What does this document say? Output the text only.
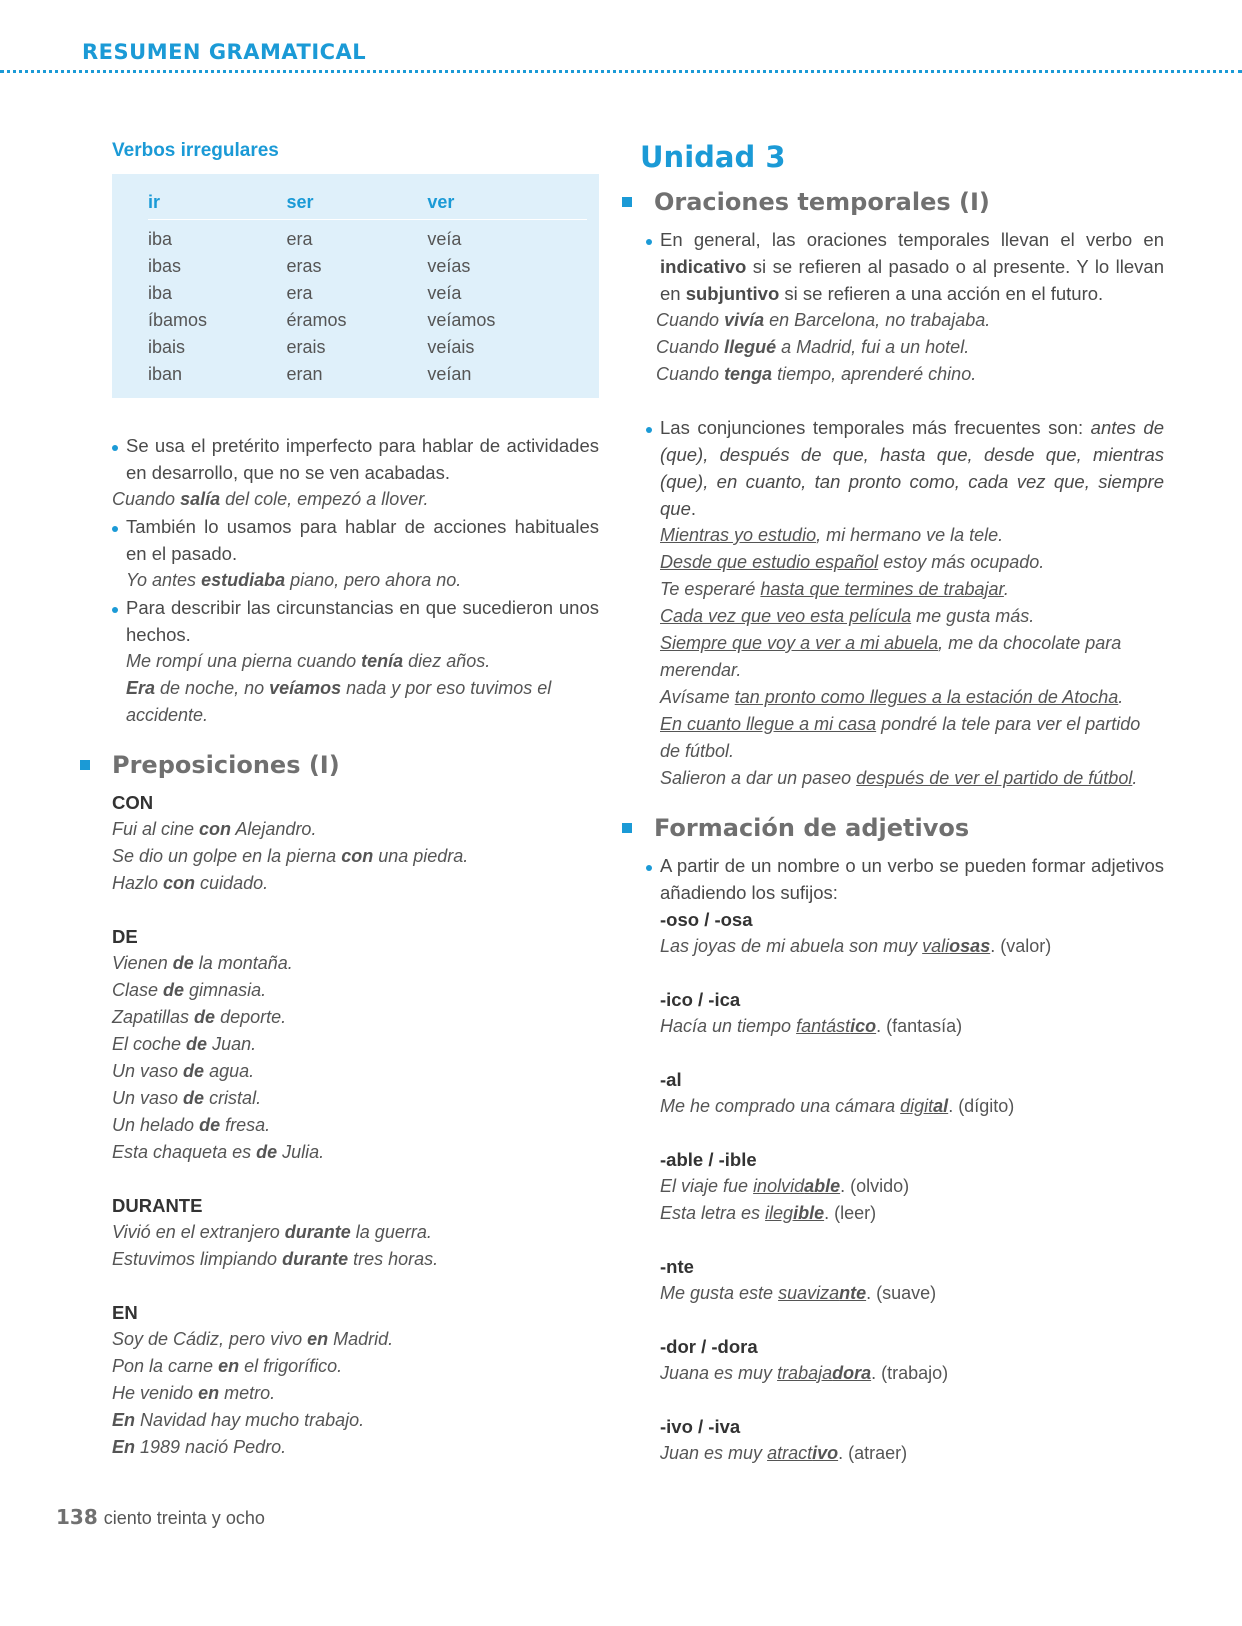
RESUMEN GRAMATICAL
Verbos irregulares
ir	ser	ver

iba	era	veía
ibas	eras	veías
iba	era	veía
íbamos	éramos	veíamos
ibais	erais	veíais
iban	eran	veían
Se usa el pretérito imperfecto para hablar de actividades en desarrollo, que no se ven acabadas.
Cuando salía del cole, empezó a llover.
También lo usamos para hablar de acciones habituales en el pasado.
Yo antes estudiaba piano, pero ahora no.
Para describir las circunstancias en que sucedieron unos hechos.
Me rompí una pierna cuando tenía diez años.
Era de noche, no veíamos nada y por eso tuvimos el accidente.
Preposiciones (I)
CON
Fui al cine con Alejandro.
Se dio un golpe en la pierna con una piedra.
Hazlo con cuidado.
DE
Vienen de la montaña.
Clase de gimnasia.
Zapatillas de deporte.
El coche de Juan.
Un vaso de agua.
Un vaso de cristal.
Un helado de fresa.
Esta chaqueta es de Julia.
DURANTE
Vivió en el extranjero durante la guerra.
Estuvimos limpiando durante tres horas.
EN
Soy de Cádiz, pero vivo en Madrid.
Pon la carne en el frigorífico.
He venido en metro.
En Navidad hay mucho trabajo.
En 1989 nació Pedro.
Unidad 3
Oraciones temporales (I)
En general, las oraciones temporales llevan el verbo en indicativo si se refieren al pasado o al presente. Y lo llevan en subjuntivo si se refieren a una acción en el futuro.
Cuando vivía en Barcelona, no trabajaba.
Cuando llegué a Madrid, fui a un hotel.
Cuando tenga tiempo, aprenderé chino.
Las conjunciones temporales más frecuentes son: antes de (que), después de que, hasta que, desde que, mientras (que), en cuanto, tan pronto como, cada vez que, siempre que.
Mientras yo estudio, mi hermano ve la tele.
Desde que estudio español estoy más ocupado.
Te esperaré hasta que termines de trabajar.
Cada vez que veo esta película me gusta más.
Siempre que voy a ver a mi abuela, me da chocolate para merendar.
Avísame tan pronto como llegues a la estación de Atocha.
En cuanto llegue a mi casa pondré la tele para ver el partido de fútbol.
Salieron a dar un paseo después de ver el partido de fútbol.
Formación de adjetivos
A partir de un nombre o un verbo se pueden formar adjetivos añadiendo los sufijos:
-oso / -osa
Las joyas de mi abuela son muy valiosas. (valor)
-ico / -ica
Hacía un tiempo fantástico. (fantasía)
-al
Me he comprado una cámara digital. (dígito)
-able / -ible
El viaje fue inolvidable. (olvido)
Esta letra es ilegible. (leer)
-nte
Me gusta este suavizante. (suave)
-dor / -dora
Juana es muy trabajadora. (trabajo)
-ivo / -iva
Juan es muy atractivo. (atraer)
138 ciento treinta y ocho
